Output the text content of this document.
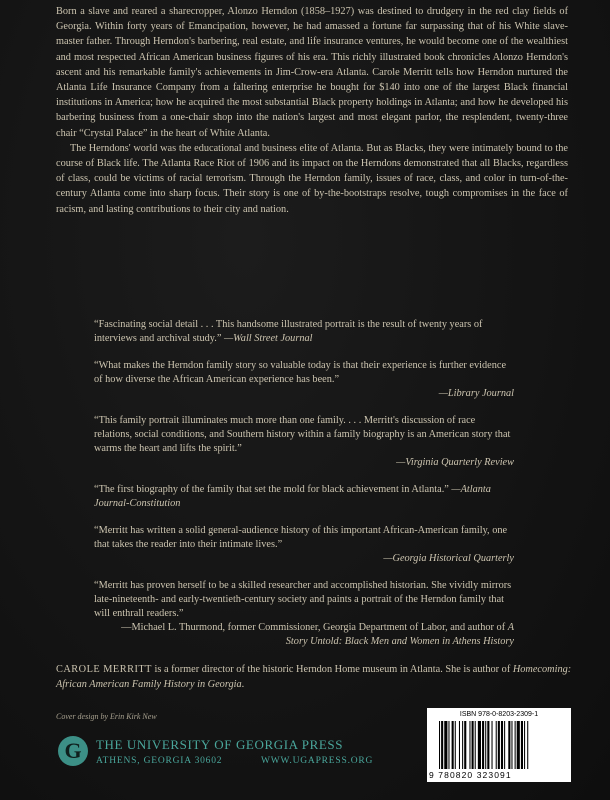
Born a slave and reared a sharecropper, Alonzo Herndon (1858–1927) was destined to drudgery in the red clay fields of Georgia. Within forty years of Emancipation, however, he had amassed a fortune far surpassing that of his White slave-master father. Through Herndon's barbering, real estate, and life insurance ventures, he would become one of the wealthiest and most respected African American business figures of his era. This richly illustrated book chronicles Alonzo Herndon's ascent and his remarkable family's achievements in Jim-Crow-era Atlanta. Carole Merritt tells how Herndon nurtured the Atlanta Life Insurance Company from a faltering enterprise he bought for $140 into one of the largest Black financial institutions in America; how he acquired the most substantial Black property holdings in Atlanta; and how he developed his barbering business from a one-chair shop into the nation's largest and most elegant parlor, the resplendent, twenty-three chair “Crystal Palace” in the heart of White Atlanta.

The Herndons' world was the educational and business elite of Atlanta. But as Blacks, they were intimately bound to the course of Black life. The Atlanta Race Riot of 1906 and its impact on the Herndons demonstrated that all Blacks, regardless of class, could be victims of racial terrorism. Through the Herndon family, issues of race, class, and color in turn-of-the-century Atlanta come into sharp focus. Their story is one of by-the-bootstraps resolve, tough compromises in the face of racism, and lasting contributions to their city and nation.

“Fascinating social detail . . . This handsome illustrated portrait is the result of twenty years of interviews and archival study.” —Wall Street Journal
“What makes the Herndon family story so valuable today is that their experience is further evidence of how diverse the African American experience has been.”
—Library Journal
“This family portrait illuminates much more than one family. . . . Merritt's discussion of race relations, social conditions, and Southern history within a family biography is an American story that warms the heart and lifts the spirit.”
—Virginia Quarterly Review
“The first biography of the family that set the mold for black achievement in Atlanta.” —Atlanta Journal-Constitution
“Merritt has written a solid general-audience history of this important African-American family, one that takes the reader into their intimate lives.”
—Georgia Historical Quarterly
“Merritt has proven herself to be a skilled researcher and accomplished historian. She vividly mirrors late-nineteenth- and early-twentieth-century society and paints a portrait of the Herndon family that will enthrall readers.”
—Michael L. Thurmond, former Commissioner, Georgia Department of Labor, and author of A Story Untold: Black Men and Women in Athens History
CAROLE MERRITT is a former director of the historic Herndon Home museum in Atlanta. She is author of Homecoming: African American Family History in Georgia.
Cover design by Erin Kirk New
G	THE UNIVERSITY OF GEORGIA PRESS
ATHENS, GEORGIA 30602	WWW.UGAPRESS.ORG
ISBN 978-0-8203-2309-1
9 780820 323091
